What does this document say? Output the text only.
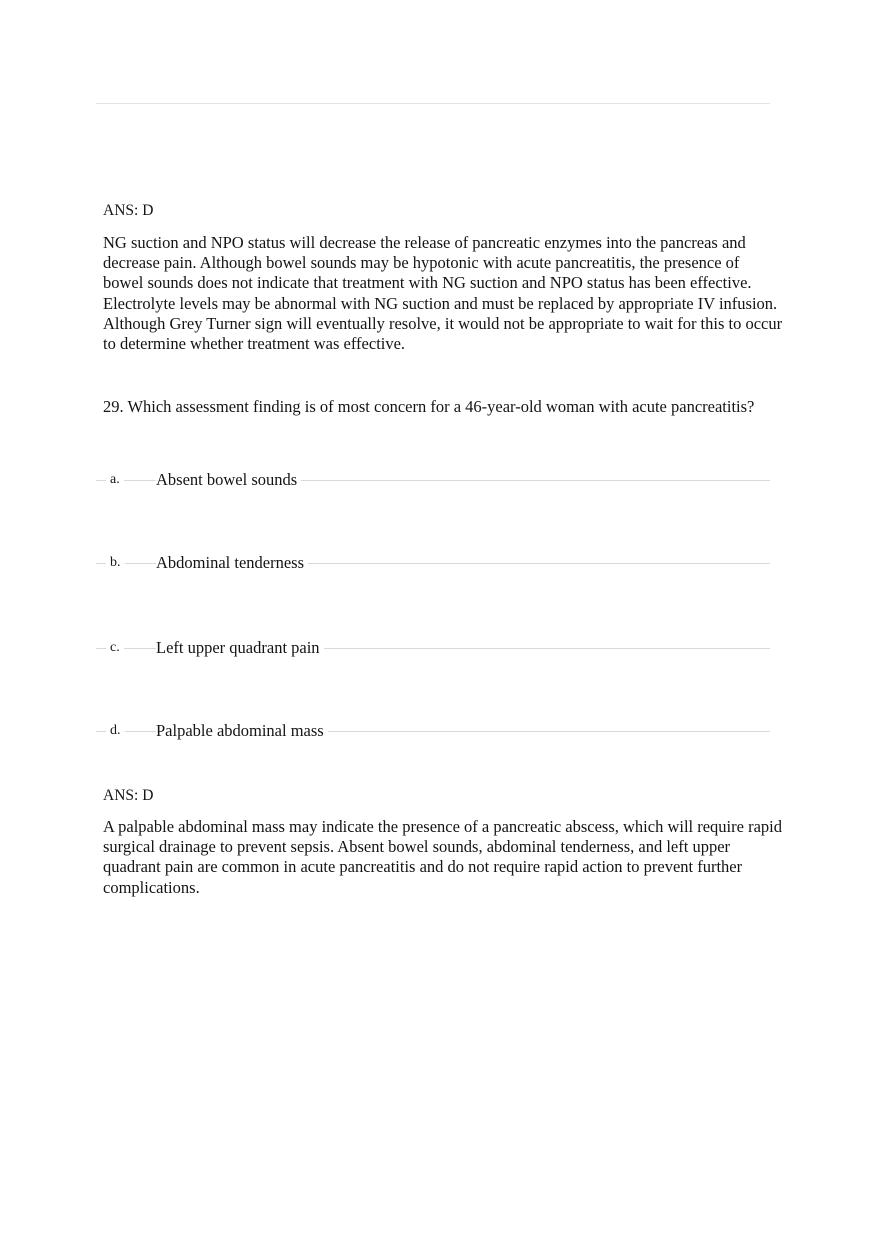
ANS: D
NG suction and NPO status will decrease the release of pancreatic enzymes into the pancreas and decrease pain. Although bowel sounds may be hypotonic with acute pancreatitis, the presence of bowel sounds does not indicate that treatment with NG suction and NPO status has been effective. Electrolyte levels may be abnormal with NG suction and must be replaced by appropriate IV infusion. Although Grey Turner sign will eventually resolve, it would not be appropriate to wait for this to occur to determine whether treatment was effective.
29. Which assessment finding is of most concern for a 46-year-old woman with acute pancreatitis?
a. Absent bowel sounds
b. Abdominal tenderness
c. Left upper quadrant pain
d. Palpable abdominal mass
ANS: D
A palpable abdominal mass may indicate the presence of a pancreatic abscess, which will require rapid surgical drainage to prevent sepsis. Absent bowel sounds, abdominal tenderness, and left upper quadrant pain are common in acute pancreatitis and do not require rapid action to prevent further complications.
